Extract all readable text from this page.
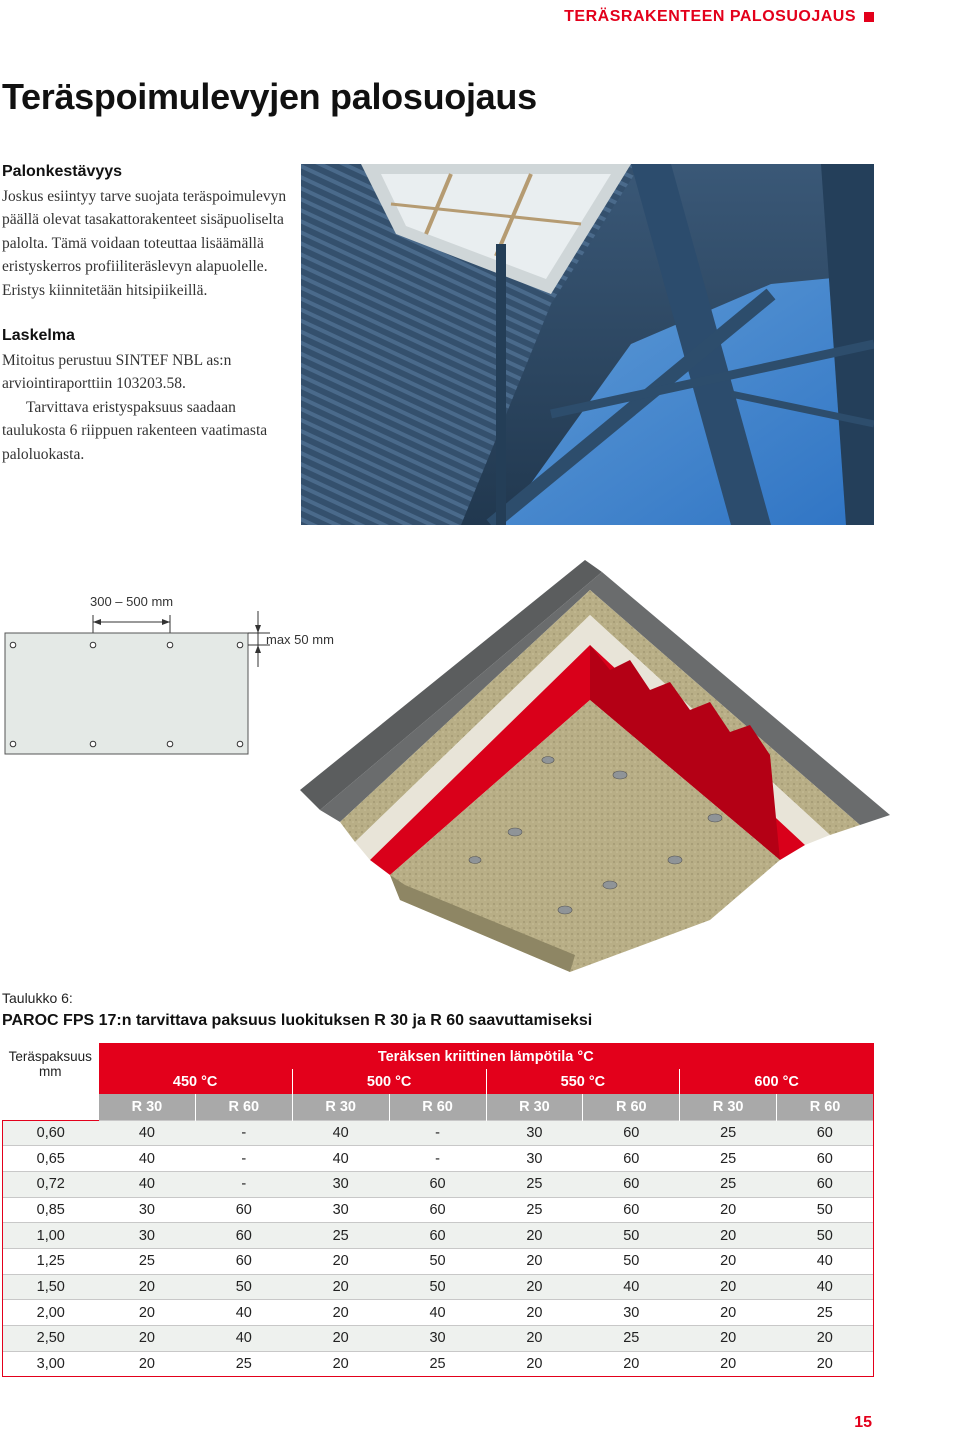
TERÄSRAKENTEEN PALOSUOJAUS
Teräspoimulevyjen palosuojaus
Palonkestävyys

Joskus esiintyy tarve suojata teräspoimulevyn päällä olevat tasakattorakenteet sisäpuoliselta palolta. Tämä voidaan toteuttaa lisäämällä eristyskerros profiiliteräslevyn alapuolelle. Eristys kiinnitetään hitsipiikeillä.

Laskelma

Mitoitus perustuu SINTEF NBL as:n arviointiraporttiin 103203.58.

Tarvittava eristyspaksuus saadaan taulukosta 6 riippuen rakenteen vaatimasta paloluokasta.

300 – 500 mm
max 50 mm
Taulukko 6:
PAROC FPS 17:n tarvittava paksuus luokituksen R 30 ja R 60 saavuttamiseksi
Teräspaksuus mm	Teräksen kriittinen lämpötila °C							
	450 °C		500 °C		550 °C		600 °C	
	R 30	R 60	R 30	R 60	R 30	R 60	R 30	R 60
0,60	40	-	40	-	30	60	25	60
0,65	40	-	40	-	30	60	25	60
0,72	40	-	30	60	25	60	25	60
0,85	30	60	30	60	25	60	20	50
1,00	30	60	25	60	20	50	20	50
1,25	25	60	20	50	20	50	20	40
1,50	20	50	20	50	20	40	20	40
2,00	20	40	20	40	20	30	20	25
2,50	20	40	20	30	20	25	20	20
3,00	20	25	20	25	20	20	20	20
15
